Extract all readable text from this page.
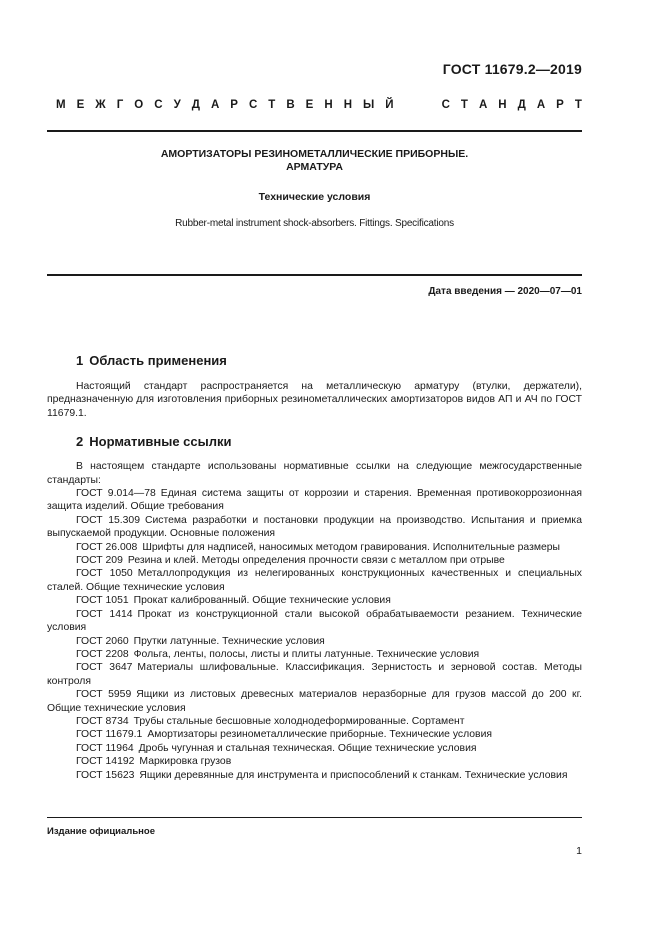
ГОСТ 11679.2—2019
М Е Ж Г О С У Д А Р С Т В Е Н Н Ы Й	С Т А Н Д А Р Т
АМОРТИЗАТОРЫ РЕЗИНОМЕТАЛЛИЧЕСКИЕ ПРИБОРНЫЕ.
АРМАТУРА
Технические условия
Rubber-metal instrument shock-absorbers. Fittings. Specifications
Дата введения — 2020—07—01
1 Область применения

Настоящий стандарт распространяется на металлическую арматуру (втулки, держатели), предназначенную для изготовления приборных резинометаллических амортизаторов видов АП и АЧ по ГОСТ 11679.1.

2 Нормативные ссылки

В настоящем стандарте использованы нормативные ссылки на следующие межгосударственные стандарты:

ГОСТ 9.014—78 Единая система защиты от коррозии и старения. Временная противокоррозионная защита изделий. Общие требования

ГОСТ 15.309 Система разработки и постановки продукции на производство. Испытания и приемка выпускаемой продукции. Основные положения

ГОСТ 26.008 Шрифты для надписей, наносимых методом гравирования. Исполнительные размеры

ГОСТ 209 Резина и клей. Методы определения прочности связи с металлом при отрыве

ГОСТ 1050 Металлопродукция из нелегированных конструкционных качественных и специальных сталей. Общие технические условия

ГОСТ 1051 Прокат калиброванный. Общие технические условия

ГОСТ 1414 Прокат из конструкционной стали высокой обрабатываемости резанием. Технические условия

ГОСТ 2060 Прутки латунные. Технические условия

ГОСТ 2208 Фольга, ленты, полосы, листы и плиты латунные. Технические условия

ГОСТ 3647 Материалы шлифовальные. Классификация. Зернистость и зерновой состав. Методы контроля

ГОСТ 5959 Ящики из листовых древесных материалов неразборные для грузов массой до 200 кг. Общие технические условия

ГОСТ 8734 Трубы стальные бесшовные холоднодеформированные. Сортамент

ГОСТ 11679.1 Амортизаторы резинометаллические приборные. Технические условия

ГОСТ 11964 Дробь чугунная и стальная техническая. Общие технические условия

ГОСТ 14192 Маркировка грузов

ГОСТ 15623 Ящики деревянные для инструмента и приспособлений к станкам. Технические условия

Издание официальное
1
